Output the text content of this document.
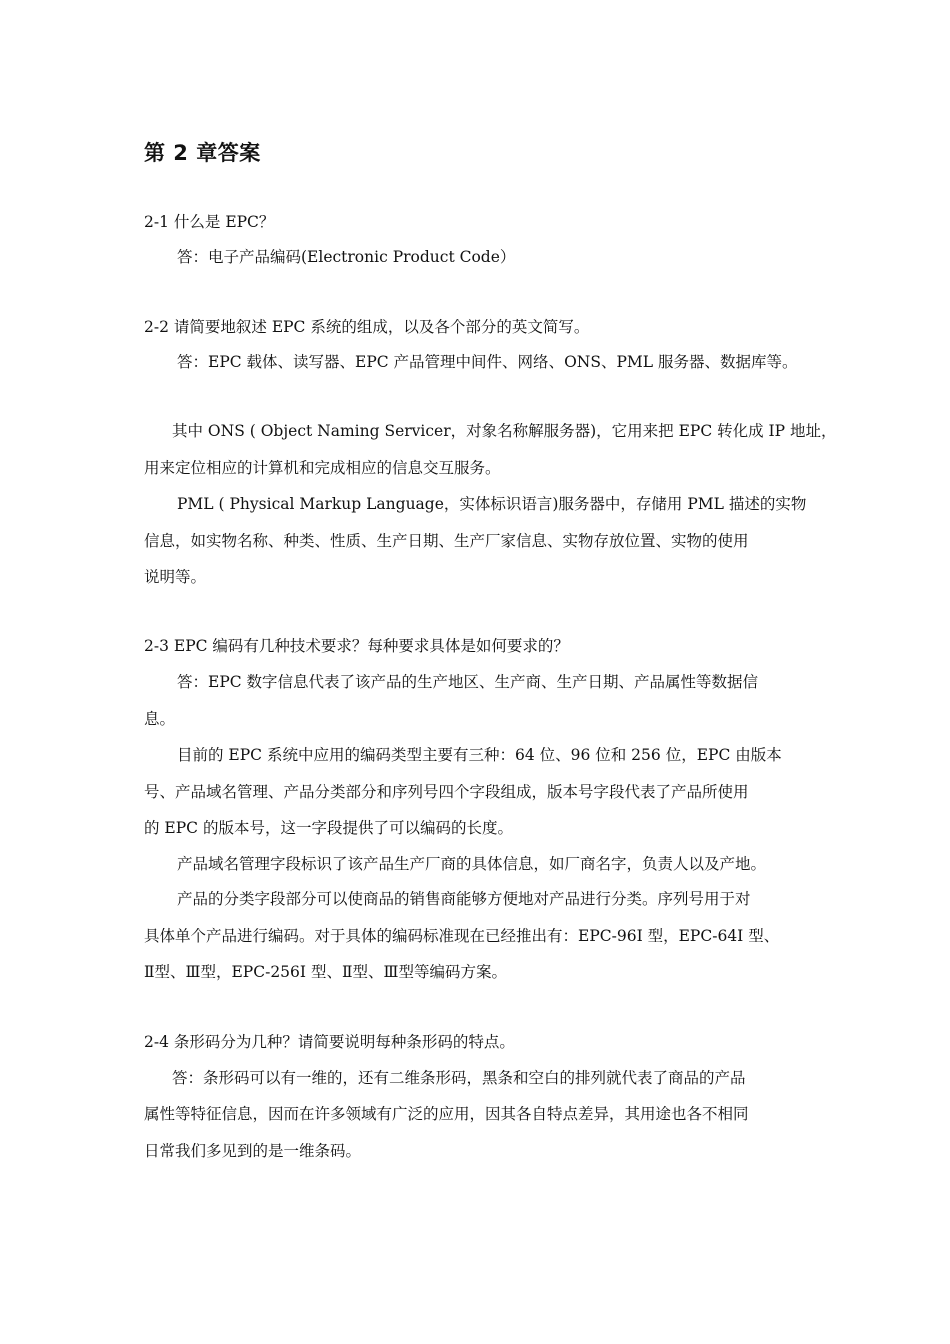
第 2 章答案
2-1 什么是 EPC？
答：电子产品编码(Electronic Product Code）
2-2 请简要地叙述 EPC 系统的组成，以及各个部分的英文简写。
答：EPC 载体、读写器、EPC 产品管理中间件、网络、ONS、PML 服务器、数据库等。
其中 ONS ( Object Naming Servicer，对象名称解服务器)，它用来把 EPC 转化成 IP 地址，
用来定位相应的计算机和完成相应的信息交互服务。
PML ( Physical Markup Language，实体标识语言)服务器中，存储用 PML 描述的实物
信息，如实物名称、种类、性质、生产日期、生产厂家信息、实物存放位置、实物的使用
说明等。
2-3 EPC 编码有几种技术要求？每种要求具体是如何要求的？
答：EPC 数字信息代表了该产品的生产地区、生产商、生产日期、产品属性等数据信
息。
目前的 EPC 系统中应用的编码类型主要有三种：64 位、96 位和 256 位，EPC 由版本
号、产品域名管理、产品分类部分和序列号四个字段组成，版本号字段代表了产品所使用
的 EPC 的版本号，这一字段提供了可以编码的长度。
产品域名管理字段标识了该产品生产厂商的具体信息，如厂商名字，负责人以及产地。
产品的分类字段部分可以使商品的销售商能够方便地对产品进行分类。序列号用于对
具体单个产品进行编码。对于具体的编码标准现在已经推出有：EPC-96I 型，EPC-64I 型、
Ⅱ型、Ⅲ型，EPC-256I 型、Ⅱ型、Ⅲ型等编码方案。
2-4 条形码分为几种？请简要说明每种条形码的特点。
答：条形码可以有一维的，还有二维条形码，黑条和空白的排列就代表了商品的产品
属性等特征信息，因而在许多领域有广泛的应用，因其各自特点差异，其用途也各不相同
日常我们多见到的是一维条码。
